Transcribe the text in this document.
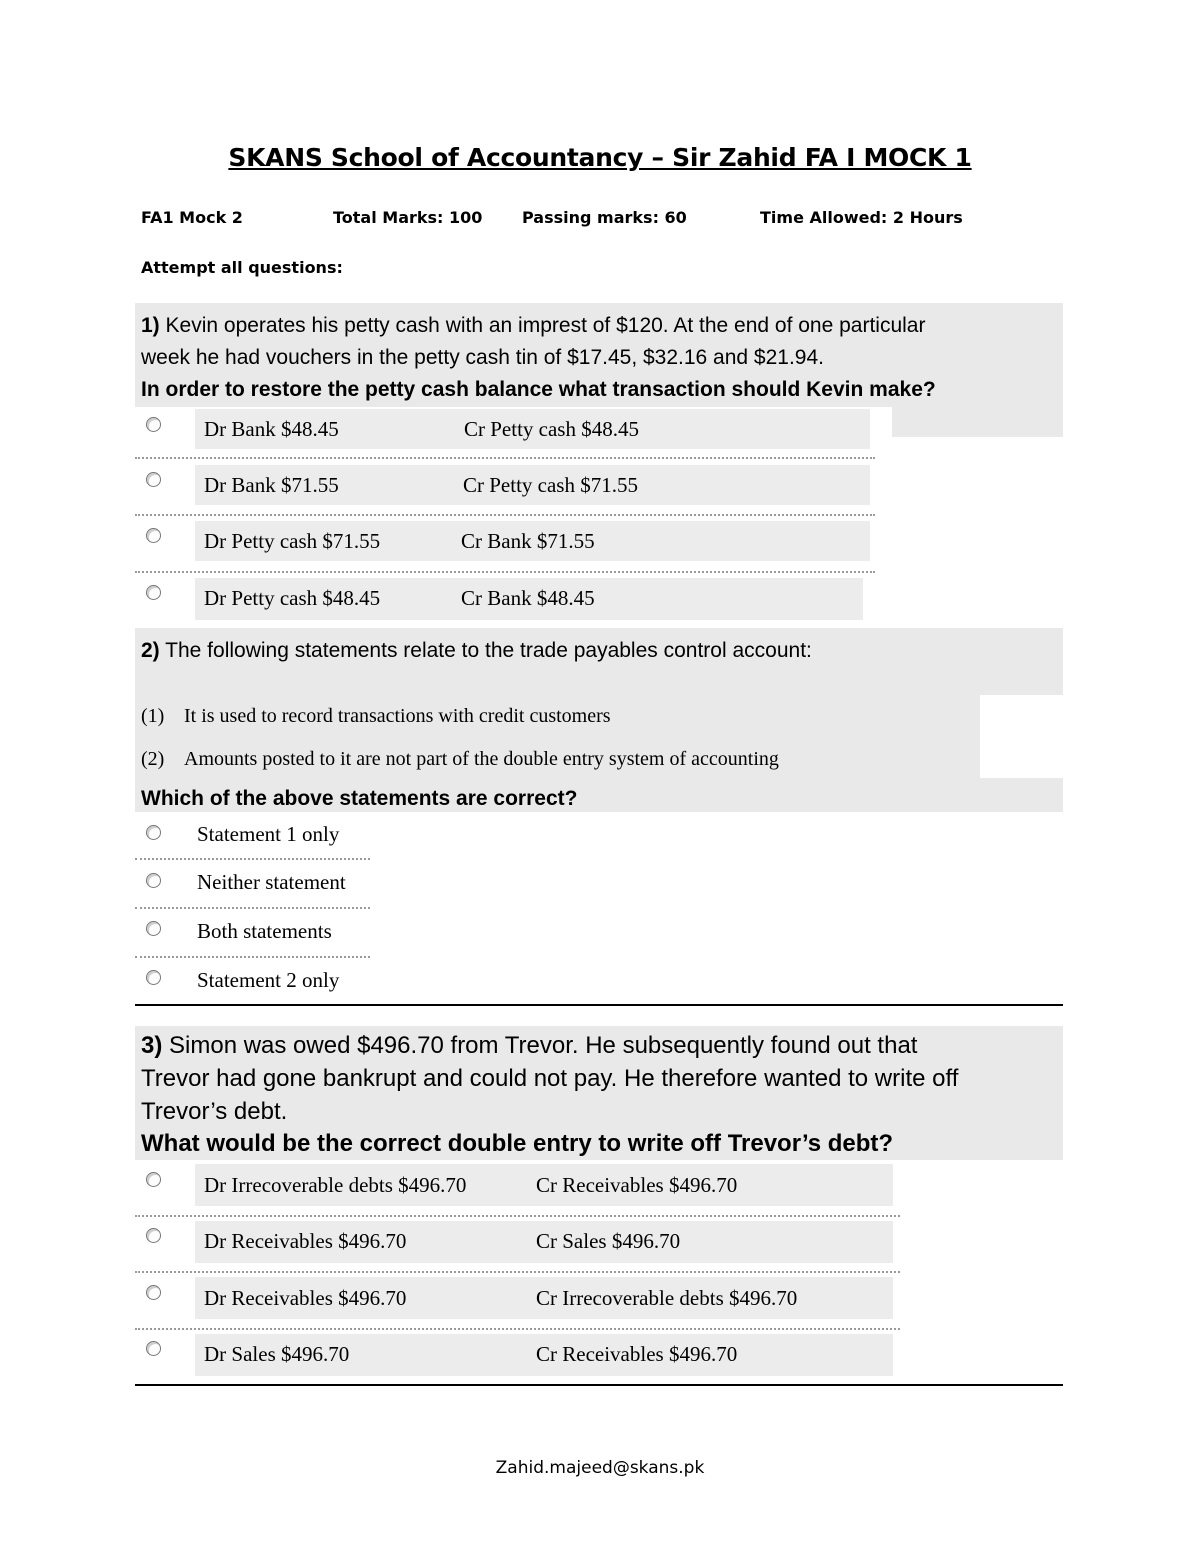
SKANS School of Accountancy – Sir Zahid FA I MOCK 1
FA1 Mock 2	Total Marks: 100 Passing marks: 60	Time Allowed: 2 Hours
Attempt all questions:
1) Kevin operates his petty cash with an imprest of $120. At the end of one particular
week he had vouchers in the petty cash tin of $17.45, $32.16 and $21.94.
In order to restore the petty cash balance what transaction should Kevin make?
Dr Bank $48.45	Cr Petty cash $48.45
Dr Bank $71.55	Cr Petty cash $71.55
Dr Petty cash $71.55	Cr Bank $71.55
Dr Petty cash $48.45	Cr Bank $48.45
2) The following statements relate to the trade payables control account:
(1) It is used to record transactions with credit customers
(2) Amounts posted to it are not part of the double entry system of accounting
Which of the above statements are correct?
Statement 1 only
Neither statement
Both statements
Statement 2 only
3) Simon was owed $496.70 from Trevor. He subsequently found out that
Trevor had gone bankrupt and could not pay. He therefore wanted to write off
Trevor’s debt.
What would be the correct double entry to write off Trevor’s debt?
Dr Irrecoverable debts $496.70	Cr Receivables $496.70
Dr Receivables $496.70	Cr Sales $496.70
Dr Receivables $496.70	Cr Irrecoverable debts $496.70
Dr Sales $496.70	Cr Receivables $496.70
Zahid.majeed@skans.pk
